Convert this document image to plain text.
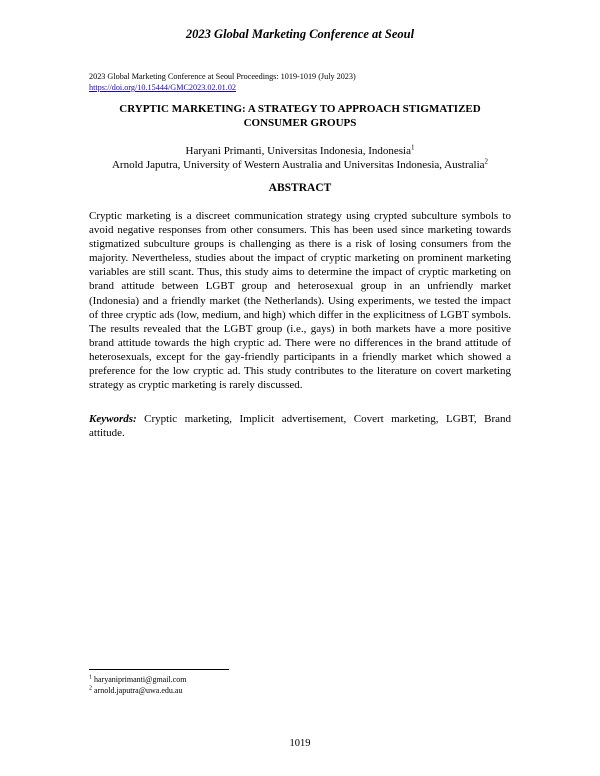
2023 Global Marketing Conference at Seoul
2023 Global Marketing Conference at Seoul Proceedings: 1019-1019 (July 2023)
https://doi.org/10.15444/GMC2023.02.01.02
CRYPTIC MARKETING: A STRATEGY TO APPROACH STIGMATIZED
CONSUMER GROUPS
Haryani Primanti, Universitas Indonesia, Indonesia$^1$
Arnold Japutra, University of Western Australia and Universitas Indonesia, Australia$^2$
ABSTRACT

Cryptic marketing is a discreet communication strategy using crypted subculture symbols to avoid negative responses from other consumers. This has been used since marketing towards stigmatized subculture groups is challenging as there is a risk of losing consumers from the majority. Nevertheless, studies about the impact of cryptic marketing on prominent marketing variables are still scant. Thus, this study aims to determine the impact of cryptic marketing on brand attitude between LGBT group and heterosexual group in an unfriendly market (Indonesia) and a friendly market (the Netherlands). Using experiments, we tested the impact of three cryptic ads (low, medium, and high) which differ in the explicitness of LGBT symbols. The results revealed that the LGBT group (i.e., gays) in both markets have a more positive brand attitude towards the high cryptic ad. There were no differences in the brand attitude of heterosexuals, except for the gay-friendly participants in a friendly market which showed a preference for the low cryptic ad. This study contributes to the literature on covert marketing strategy as cryptic marketing is rarely discussed.

Keywords: Cryptic marketing, Implicit advertisement, Covert marketing, LGBT, Brand attitude.

$^1$ haryaniprimanti@gmail.com
$^2$ arnold.japutra@uwa.edu.au
1019
